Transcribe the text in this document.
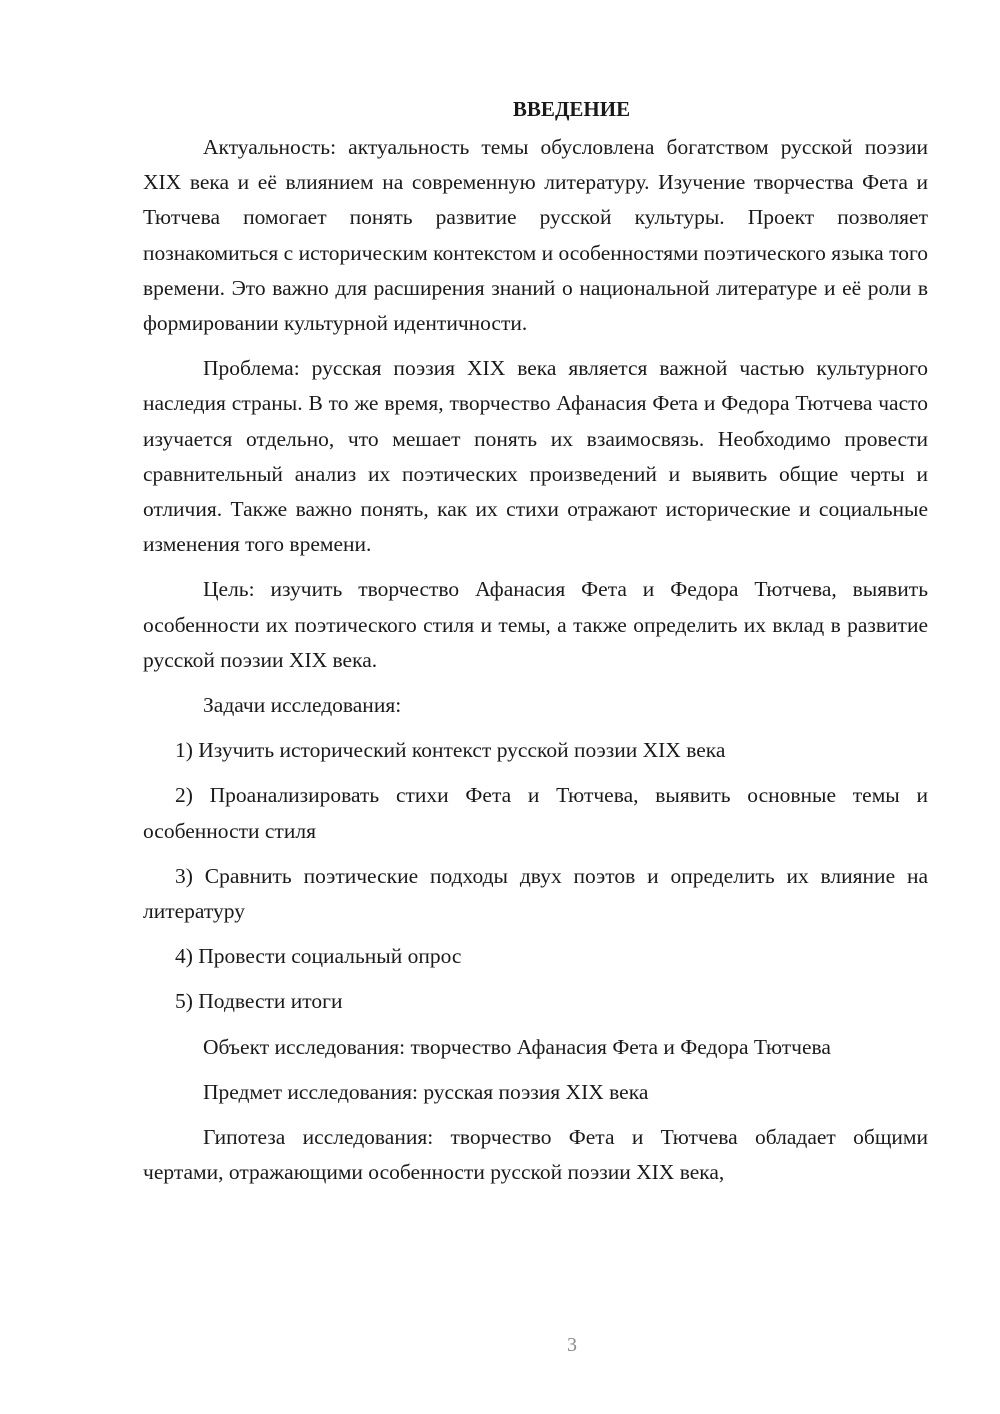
ВВЕДЕНИЕ

Актуальность: актуальность темы обусловлена богатством русской поэзии XIX века и её влиянием на современную литературу. Изучение творчества Фета и Тютчева помогает понять развитие русской культуры. Проект позволяет познакомиться с историческим контекстом и особенностями поэтического языка того времени. Это важно для расширения знаний о национальной литературе и её роли в формировании культурной идентичности.

Проблема: русская поэзия XIX века является важной частью культурного наследия страны. В то же время, творчество Афанасия Фета и Федора Тютчева часто изучается отдельно, что мешает понять их взаимосвязь. Необходимо провести сравнительный анализ их поэтических произведений и выявить общие черты и отличия. Также важно понять, как их стихи отражают исторические и социальные изменения того времени.

Цель: изучить творчество Афанасия Фета и Федора Тютчева, выявить особенности их поэтического стиля и темы, а также определить их вклад в развитие русской поэзии XIX века.

Задачи исследования:

1) Изучить исторический контекст русской поэзии XIX века

2) Проанализировать стихи Фета и Тютчева, выявить основные темы и особенности стиля

3) Сравнить поэтические подходы двух поэтов и определить их влияние на литературу

4) Провести социальный опрос

5) Подвести итоги

Объект исследования: творчество Афанасия Фета и Федора Тютчева

Предмет исследования: русская поэзия XIX века

Гипотеза исследования: творчество Фета и Тютчева обладает общими чертами, отражающими особенности русской поэзии XIX века,

3
